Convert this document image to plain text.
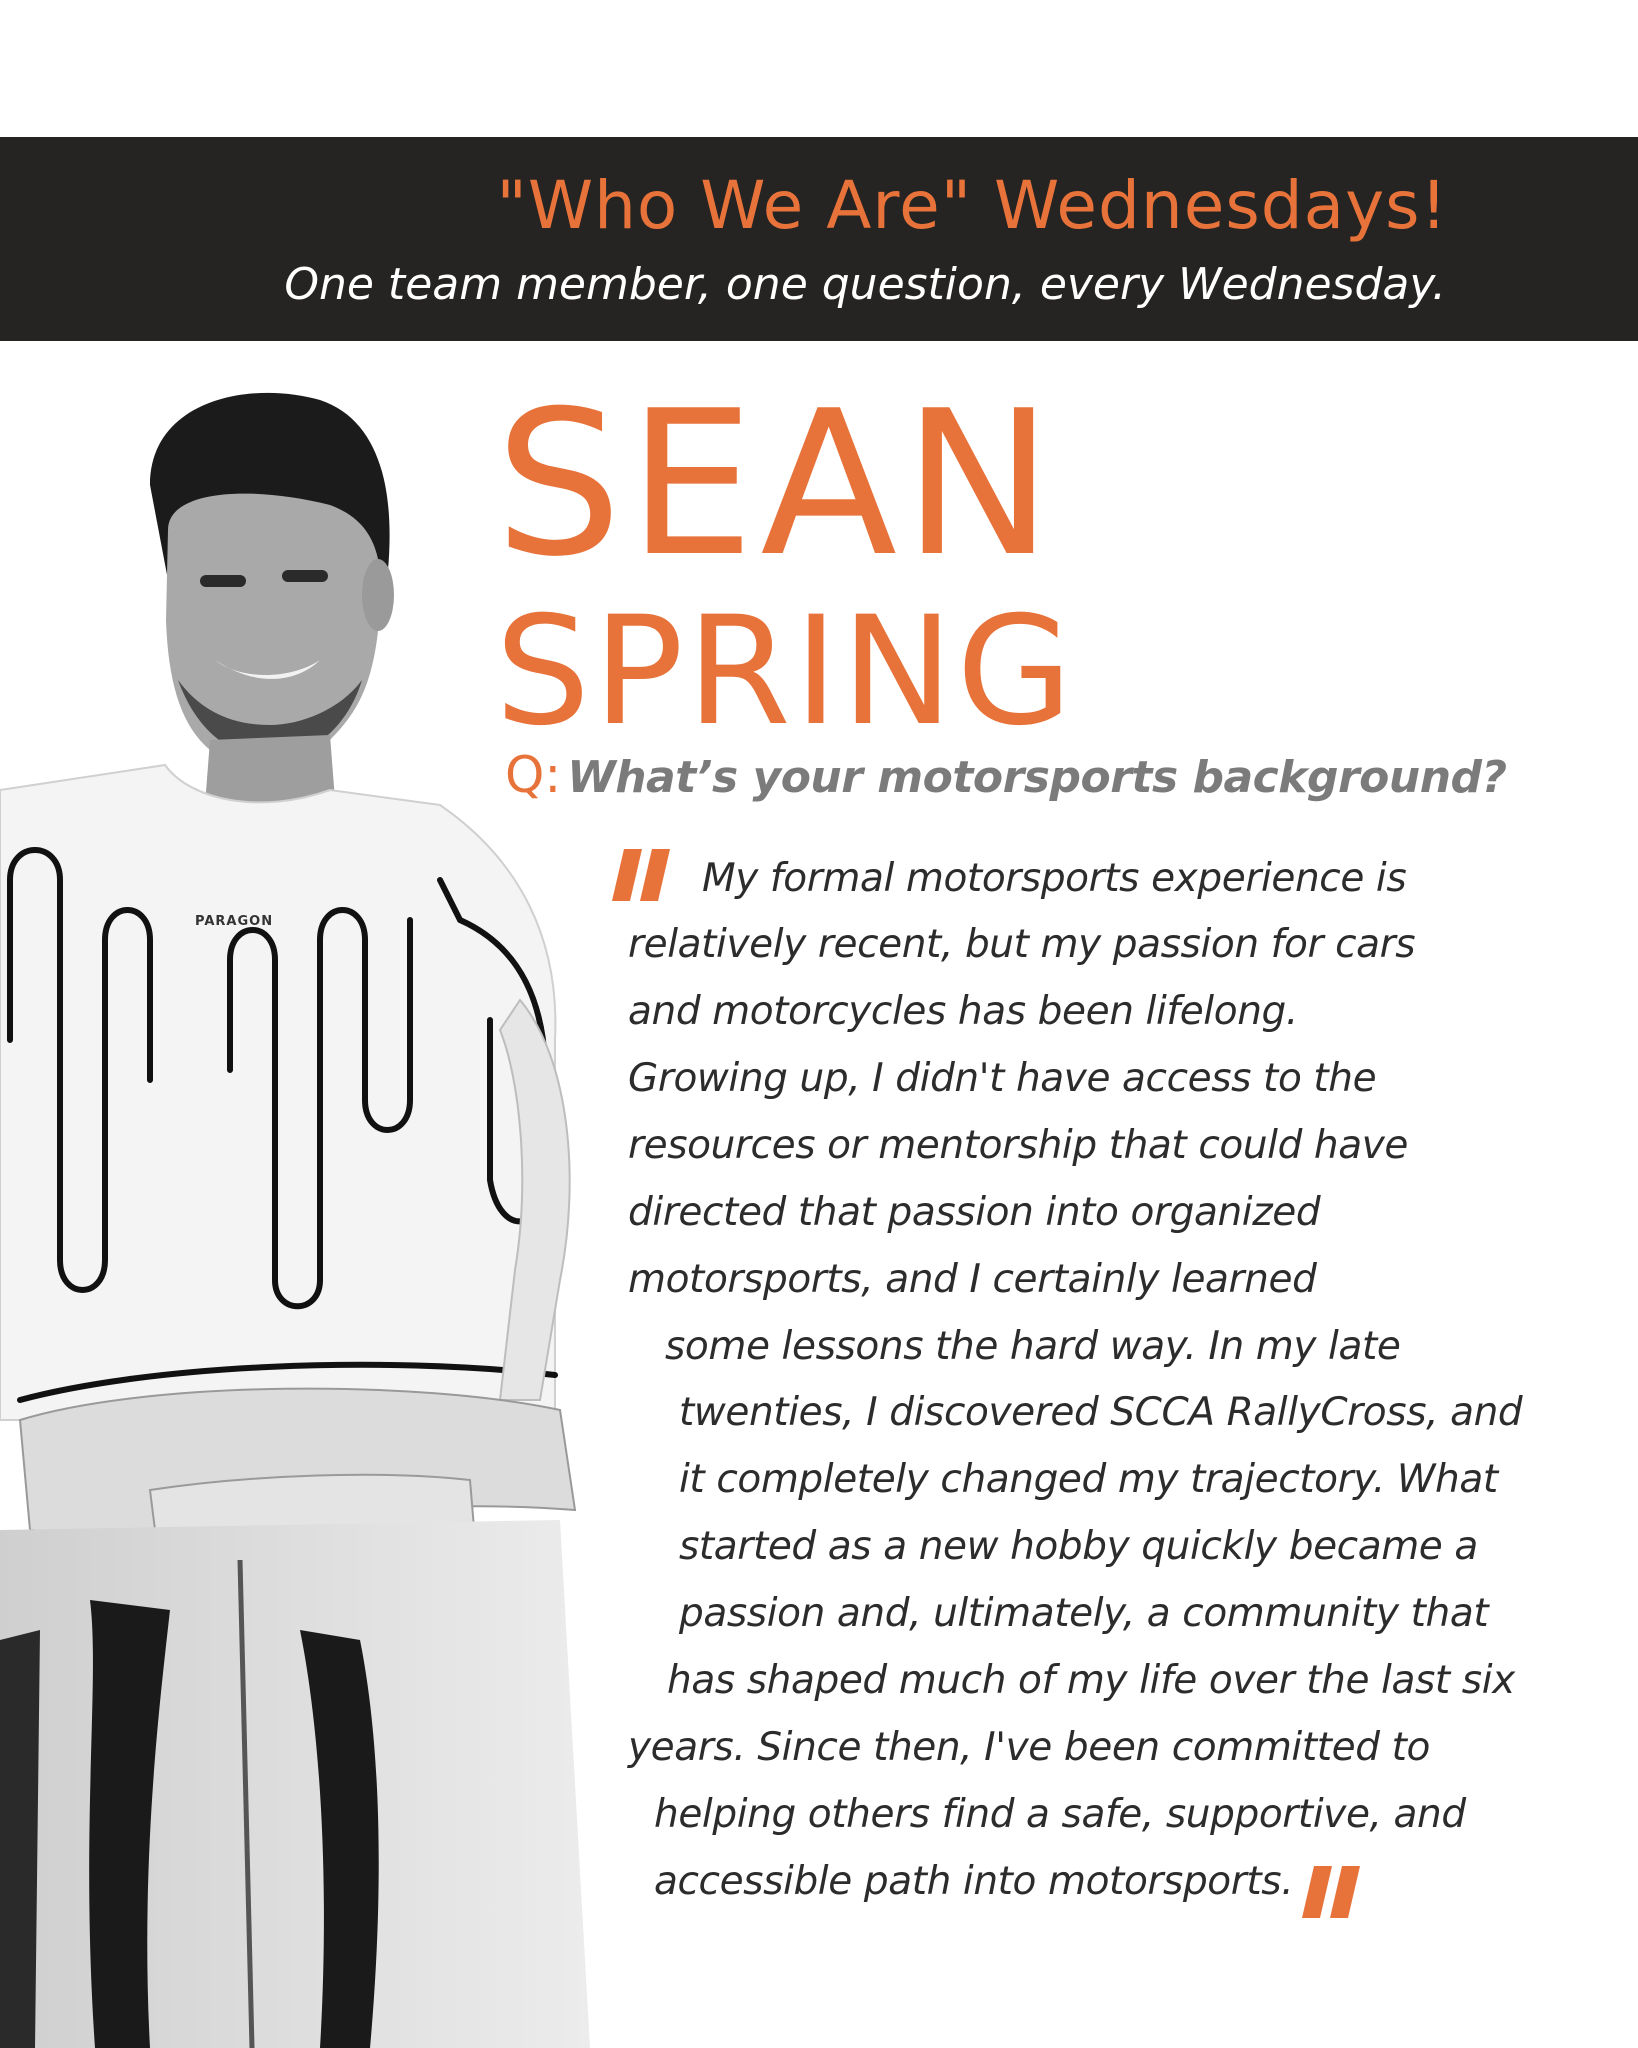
"Who We Are" Wednesdays!

One team member, one question, every Wednesday.

PARAGON
SEAN
SPRING
Q: What’s your motorsports background?

My formal motorsports experience is

relatively recent, but my passion for cars

and motorcycles has been lifelong.

Growing up, I didn't have access to the

resources or mentorship that could have

directed that passion into organized

motorsports, and I certainly learned

some lessons the hard way. In my late

twenties, I discovered SCCA RallyCross, and

it completely changed my trajectory. What

started as a new hobby quickly became a

passion and, ultimately, a community that

has shaped much of my life over the last six

years. Since then, I've been committed to

helping others find a safe, supportive, and

accessible path into motorsports.
